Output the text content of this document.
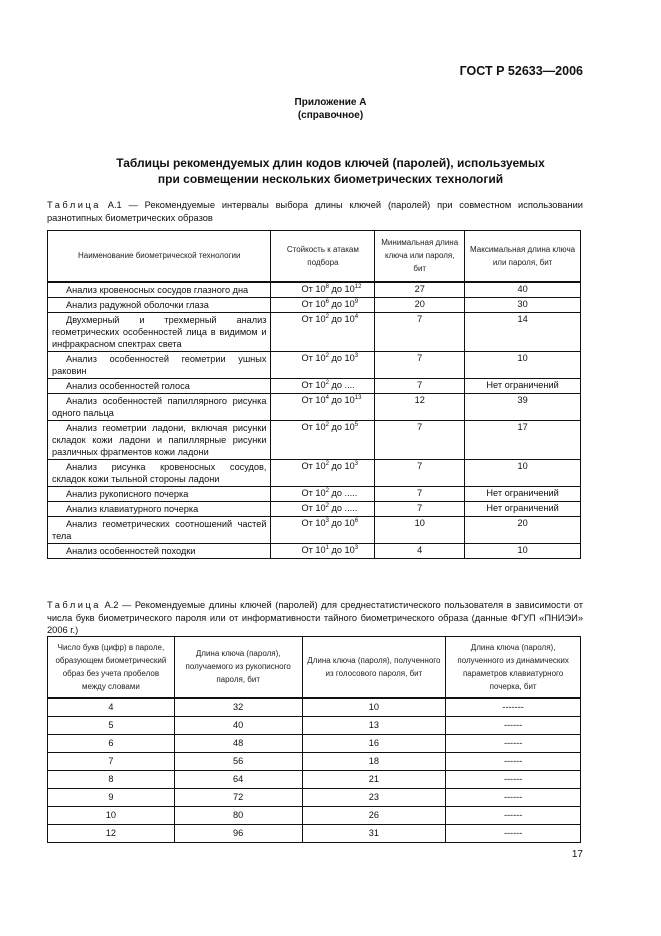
ГОСТ Р 52633—2006
Приложение А
(справочное)
Таблицы рекомендуемых длин кодов ключей (паролей), используемых
при совмещении нескольких биометрических технологий
Таблица А.1 — Рекомендуемые интервалы выбора длины ключей (паролей) при совместном использовании разнотипных биометрических образов
Наименование биометрической технологии	Стойкость к атакам подбора	Минимальная длина ключа или пароля, бит	Максимальная длина ключа или пароля, бит
Анализ кровеносных сосудов глазного дна	От $10^8$ до $10^{12}$	27	40
Анализ радужной оболочки глаза	От $10^6$ до $10^9$	20	30
Двухмерный и трехмерный анализ геометрических особенностей лица в видимом и инфракрасном спектрах света	От $10^2$ до $10^4$	7	14
Анализ особенностей геометрии ушных раковин	От $10^2$ до $10^3$	7	10
Анализ особенностей голоса	От $10^2$ до ....	7	Нет ограничений
Анализ особенностей папиллярного рисунка одного пальца	От $10^4$ до $10^{13}$	12	39
Анализ геометрии ладони, включая рисунки складок кожи ладони и папиллярные рисунки различных фрагментов кожи ладони	От $10^2$ до $10^5$	7	17
Анализ рисунка кровеносных сосудов, складок кожи тыльной стороны ладони	От $10^2$ до $10^3$	7	10
Анализ рукописного почерка	От $10^2$ до .....	7	Нет ограничений
Анализ клавиатурного почерка	От $10^2$ до .....	7	Нет ограничений
Анализ геометрических соотношений частей тела	От $10^3$ до $10^6$	10	20
Анализ особенностей походки	От $10^1$ до $10^3$	4	10
Таблица А.2 — Рекомендуемые длины ключей (паролей) для среднестатистического пользователя в зависимости от числа букв биометрического пароля или от информативности тайного биометрического образа (данные ФГУП «ПНИЭИ» 2006 г.)
Число букв (цифр) в пароле, образующем биометрический образ без учета пробелов между словами	Длина ключа (пароля), получаемого из рукописного пароля, бит	Длина ключа (пароля), полученного из голосового пароля, бит	Длина ключа (пароля), полученного из динамических параметров клавиатурного почерка, бит
4	32	10	-------
5	40	13	------
6	48	16	------
7	56	18	------
8	64	21	------
9	72	23	------
10	80	26	------
12	96	31	------
17
